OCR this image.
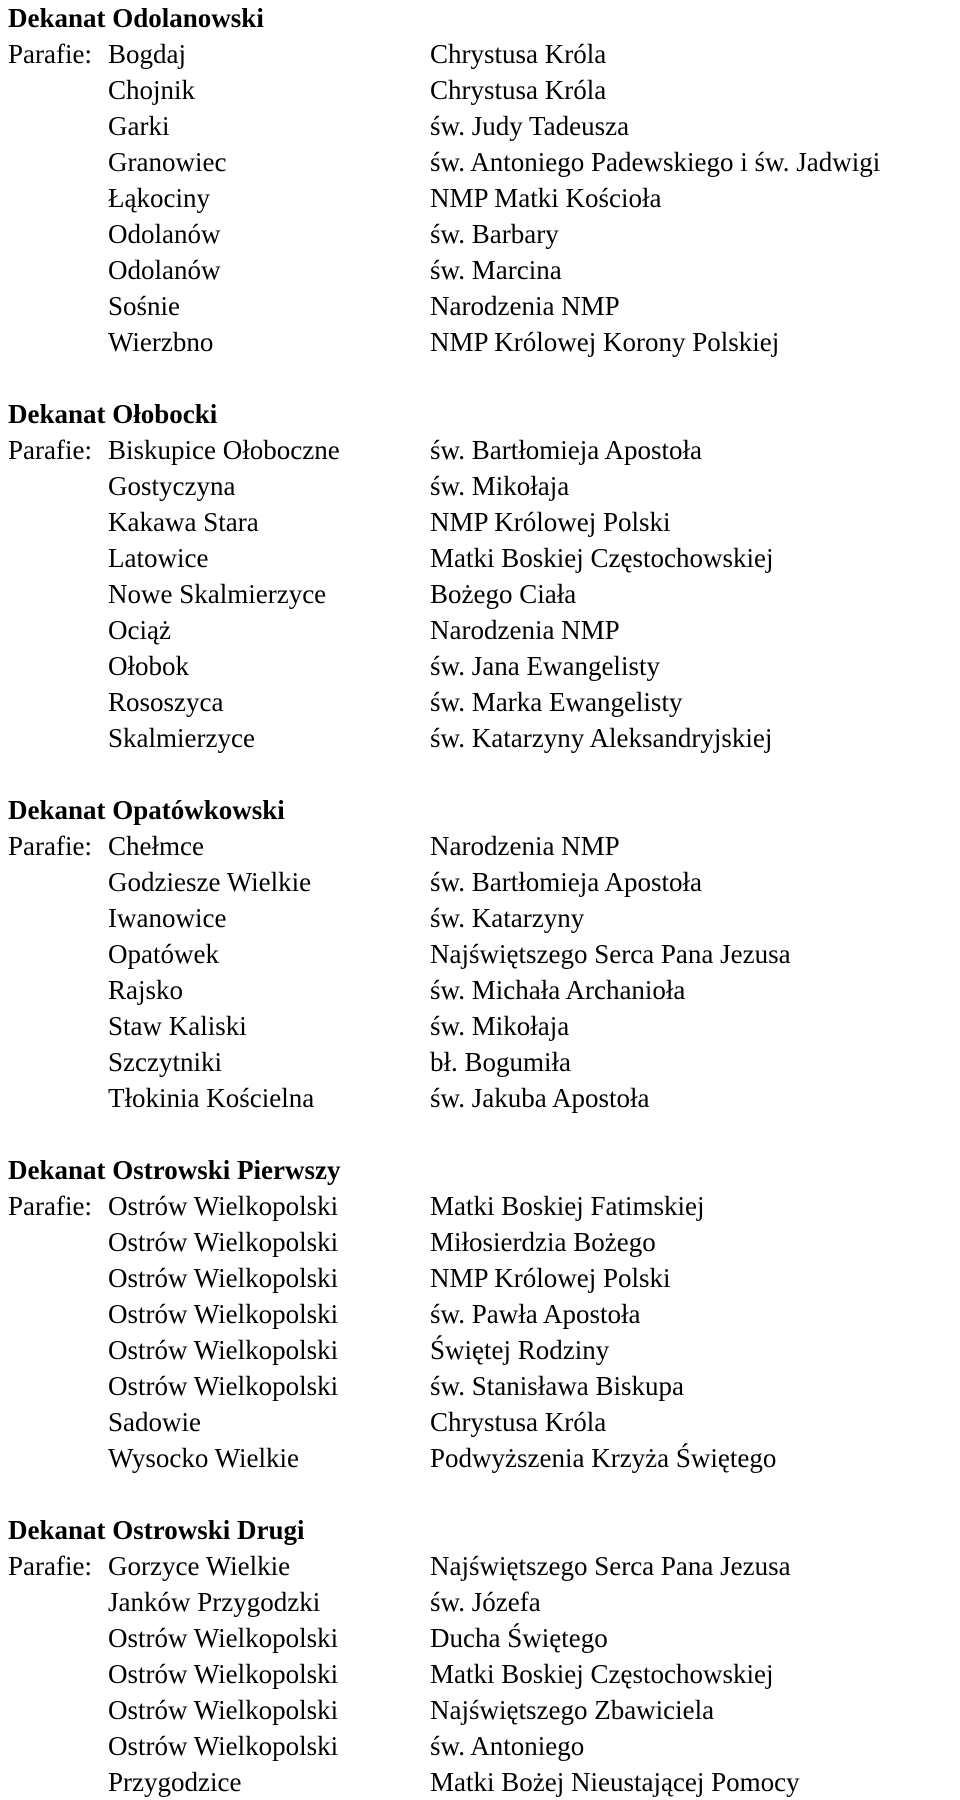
Dekanat Odolanowski
Parafie: Bogdaj	Chrystusa Króla
Chojnik	Chrystusa Króla
Garki	św. Judy Tadeusza
Granowiec	św. Antoniego Padewskiego i św. Jadwigi
Łąkociny	NMP Matki Kościoła
Odolanów	św. Barbary
Odolanów	św. Marcina
Sośnie	Narodzenia NMP
Wierzbno	NMP Królowej Korony Polskiej
Dekanat Ołobocki
Parafie: Biskupice Ołoboczne	św. Bartłomieja Apostoła
Gostyczyna	św. Mikołaja
Kakawa Stara	NMP Królowej Polski
Latowice	Matki Boskiej Częstochowskiej
Nowe Skalmierzyce	Bożego Ciała
Ociąż	Narodzenia NMP
Ołobok	św. Jana Ewangelisty
Rososzyca	św. Marka Ewangelisty
Skalmierzyce	św. Katarzyny Aleksandryjskiej
Dekanat Opatówkowski
Parafie: Chełmce	Narodzenia NMP
Godziesze Wielkie	św. Bartłomieja Apostoła
Iwanowice	św. Katarzyny
Opatówek	Najświętszego Serca Pana Jezusa
Rajsko	św. Michała Archanioła
Staw Kaliski	św. Mikołaja
Szczytniki	bł. Bogumiła
Tłokinia Kościelna	św. Jakuba Apostoła
Dekanat Ostrowski Pierwszy
Parafie: Ostrów Wielkopolski	Matki Boskiej Fatimskiej
Ostrów Wielkopolski	Miłosierdzia Bożego
Ostrów Wielkopolski	NMP Królowej Polski
Ostrów Wielkopolski	św. Pawła Apostoła
Ostrów Wielkopolski	Świętej Rodziny
Ostrów Wielkopolski	św. Stanisława Biskupa
Sadowie	Chrystusa Króla
Wysocko Wielkie	Podwyższenia Krzyża Świętego
Dekanat Ostrowski Drugi
Parafie: Gorzyce Wielkie	Najświętszego Serca Pana Jezusa
Janków Przygodzki	św. Józefa
Ostrów Wielkopolski	Ducha Świętego
Ostrów Wielkopolski	Matki Boskiej Częstochowskiej
Ostrów Wielkopolski	Najświętszego Zbawiciela
Ostrów Wielkopolski	św. Antoniego
Przygodzice	Matki Bożej Nieustającej Pomocy
